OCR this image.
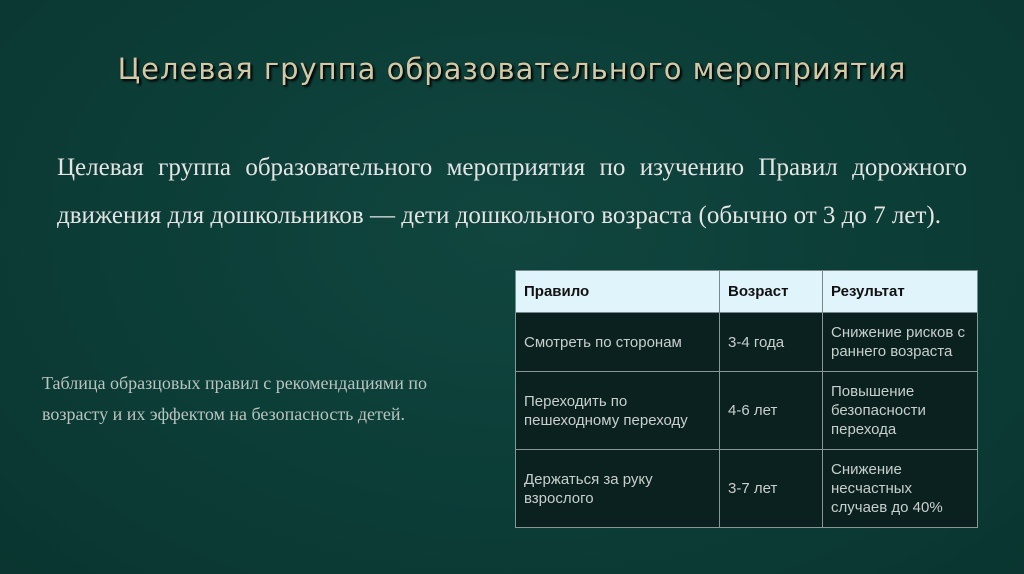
Целевая группа образовательного мероприятия
Целевая группа образовательного мероприятия по изучению Правил дорожного движения для дошкольников — дети дошкольного возраста (обычно от 3 до 7 лет).
Таблица образцовых правил с рекомендациями по возрасту и их эффектом на безопасность детей.
Правило	Возраст	Результат
Смотреть по сторонам	3-4 года	Снижение рисков с раннего возраста
Переходить по пешеходному переходу	4-6 лет	Повышение безопасности перехода
Держаться за руку взрослого	3-7 лет	Снижение несчастных случаев до 40%
